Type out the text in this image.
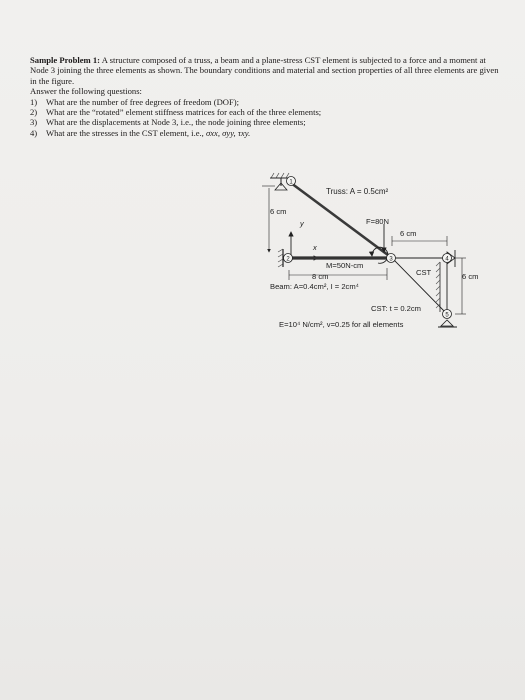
Sample Problem 1: A structure composed of a truss, a beam and a plane-stress CST element is subjected to a force and a moment at Node 3 joining the three elements as shown. The boundary conditions and material and section properties of all three elements are given in the figure.

Answer the following questions:

1)	What are the number of free degrees of freedom (DOF);
2)	What are the “rotated” element stiffness matrices for each of the three elements;
3)	What are the displacements at Node 3, i.e., the node joining three elements;
4)	What are the stresses in the CST element, i.e., σxx, σyy, τxy.
1
Truss: A = 0.5cm²
6 cm
y
x
2
F=80N
6 cm
M=50N-cm
CST
4
6 cm
5
3
8 cm
Beam: A=0.4cm², I = 2cm⁴
CST: t = 0.2cm
E=10⁴ N/cm², v=0.25 for all elements
